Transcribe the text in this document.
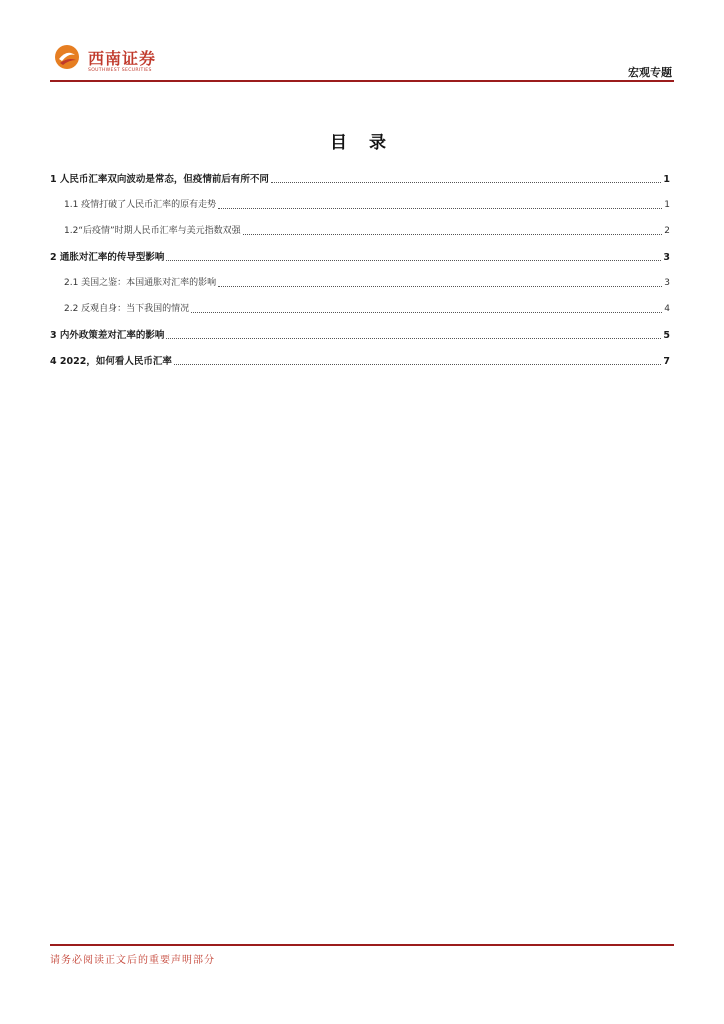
西南证券
SOUTHWEST SECURITIES	宏观专题
目 录
1 人民币汇率双向波动是常态，但疫情前后有所不同	1
1.1 疫情打破了人民币汇率的原有走势	1
1.2“后疫情”时期人民币汇率与美元指数双强	2
2 通胀对汇率的传导型影响	3
2.1 美国之鉴：本国通胀对汇率的影响	3
2.2 反观自身：当下我国的情况	4
3 内外政策差对汇率的影响	5
4 2022，如何看人民币汇率	7
请务必阅读正文后的重要声明部分
